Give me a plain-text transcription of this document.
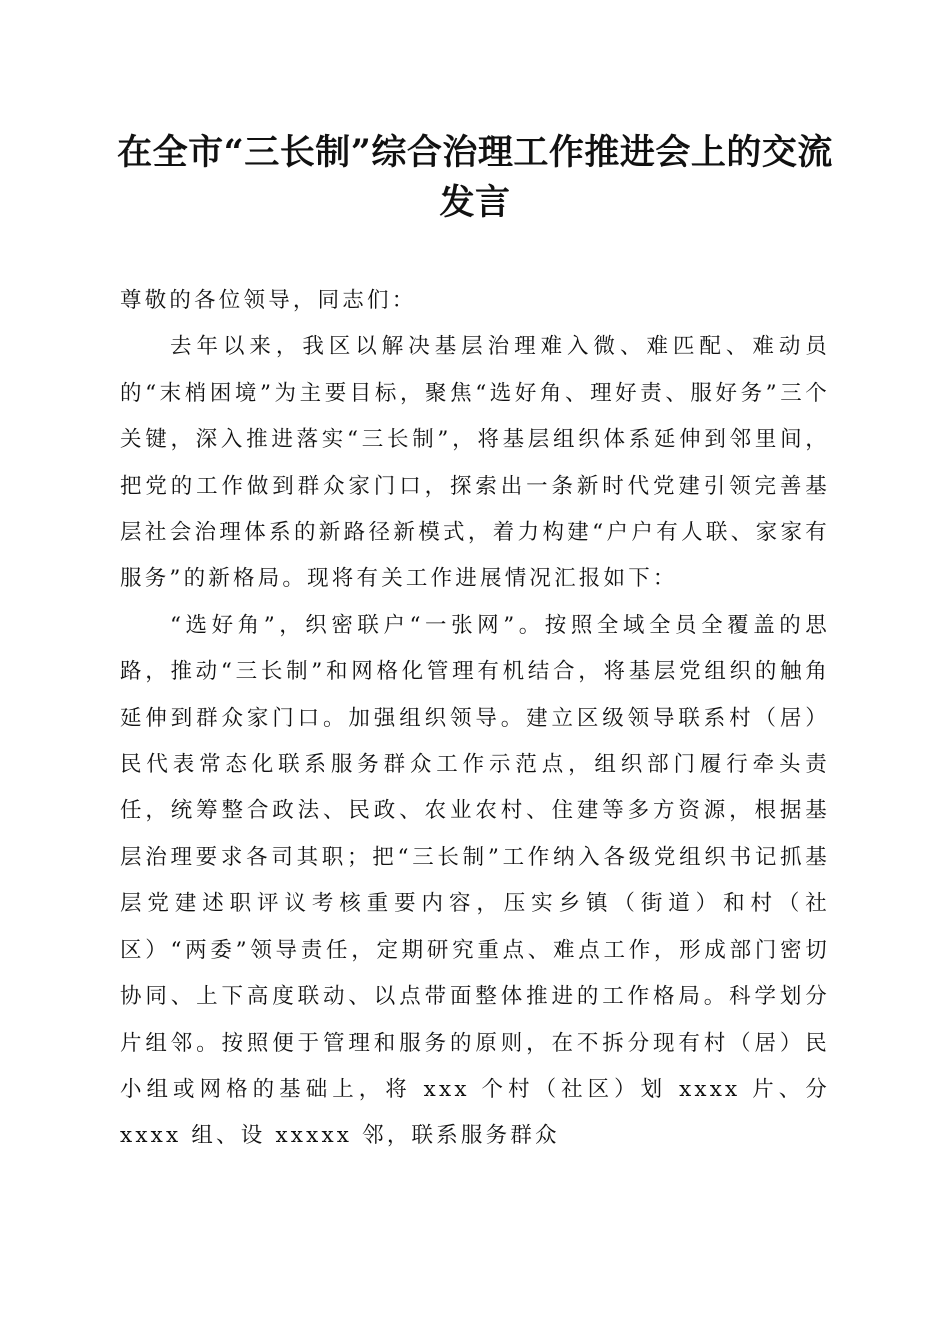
在全市“三长制”综合治理工作推进会上的交流发言

尊敬的各位领导，同志们：

去年以来，我区以解决基层治理难入微、难匹配、难动员的“末梢困境”为主要目标，聚焦“选好角、理好责、服好务”三个关键，深入推进落实“三长制”，将基层组织体系延伸到邻里间，把党的工作做到群众家门口，探索出一条新时代党建引领完善基层社会治理体系的新路径新模式，着力构建“户户有人联、家家有服务”的新格局。现将有关工作进展情况汇报如下：

“选好角”，织密联户“一张网”。按照全域全员全覆盖的思路，推动“三长制”和网格化管理有机结合，将基层党组织的触角延伸到群众家门口。加强组织领导。建立区级领导联系村（居）民代表常态化联系服务群众工作示范点，组织部门履行牵头责任，统筹整合政法、民政、农业农村、住建等多方资源，根据基层治理要求各司其职；把“三长制”工作纳入各级党组织书记抓基层党建述职评议考核重要内容，压实乡镇（街道）和村（社区）“两委”领导责任，定期研究重点、难点工作，形成部门密切协同、上下高度联动、以点带面整体推进的工作格局。科学划分片组邻。按照便于管理和服务的原则，在不拆分现有村（居）民小组或网格的基础上，将 xxx 个村（社区）划 xxxx 片、分 xxxx 组、设 xxxxx 邻，联系服务群众
